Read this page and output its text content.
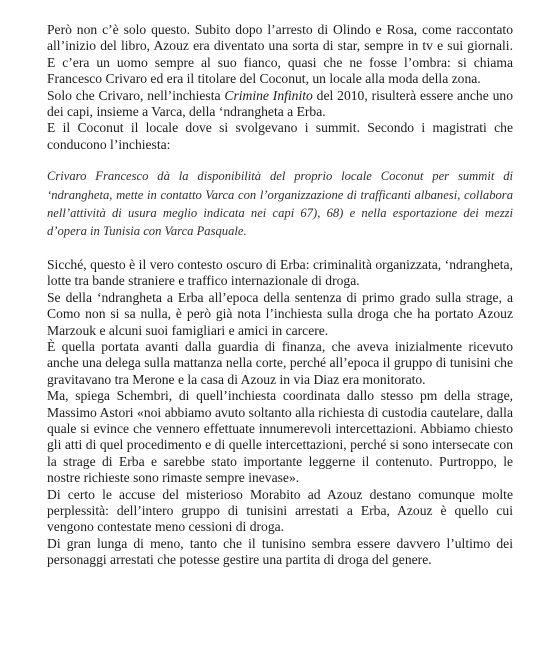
Però non c’è solo questo. Subito dopo l’arresto di Olindo e Rosa, come raccontato all’inizio del libro, Azouz era diventato una sorta di star, sempre in tv e sui giornali. E c’era un uomo sempre al suo fianco, quasi che ne fosse l’ombra: si chiama Francesco Crivaro ed era il titolare del Coconut, un locale alla moda della zona.

Solo che Crivaro, nell’inchiesta Crimine Infinito del 2010, risulterà essere anche uno dei capi, insieme a Varca, della ‘ndrangheta a Erba.

E il Coconut il locale dove si svolgevano i summit. Secondo i magistrati che conducono l’inchiesta:

Crivaro Francesco dà la disponibilità del proprio locale Coconut per summit di ‘ndrangheta, mette in contatto Varca con l’organizzazione di trafficanti albanesi, collabora nell’attività di usura meglio indicata nei capi 67), 68) e nella esportazione dei mezzi d’opera in Tunisia con Varca Pasquale.

Sicché, questo è il vero contesto oscuro di Erba: criminalità organizzata, ‘ndrangheta, lotte tra bande straniere e traffico internazionale di droga.

Se della ‘ndrangheta a Erba all’epoca della sentenza di primo grado sulla strage, a Como non si sa nulla, è però già nota l’inchiesta sulla droga che ha portato Azouz Marzouk e alcuni suoi famigliari e amici in carcere.

È quella portata avanti dalla guardia di finanza, che aveva inizialmente ricevuto anche una delega sulla mattanza nella corte, perché all’epoca il gruppo di tunisini che gravitavano tra Merone e la casa di Azouz in via Diaz era monitorato.

Ma, spiega Schembri, di quell’inchiesta coordinata dallo stesso pm della strage, Massimo Astori «noi abbiamo avuto soltanto alla richiesta di custodia cautelare, dalla quale si evince che vennero effettuate innumerevoli intercettazioni. Abbiamo chiesto gli atti di quel procedimento e di quelle intercettazioni, perché si sono intersecate con la strage di Erba e sarebbe stato importante leggerne il contenuto. Purtroppo, le nostre richieste sono rimaste sempre inevase».

Di certo le accuse del misterioso Morabito ad Azouz destano comunque molte perplessità: dell’intero gruppo di tunisini arrestati a Erba, Azouz è quello cui vengono contestate meno cessioni di droga.

Di gran lunga di meno, tanto che il tunisino sembra essere davvero l’ultimo dei personaggi arrestati che potesse gestire una partita di droga del genere.
